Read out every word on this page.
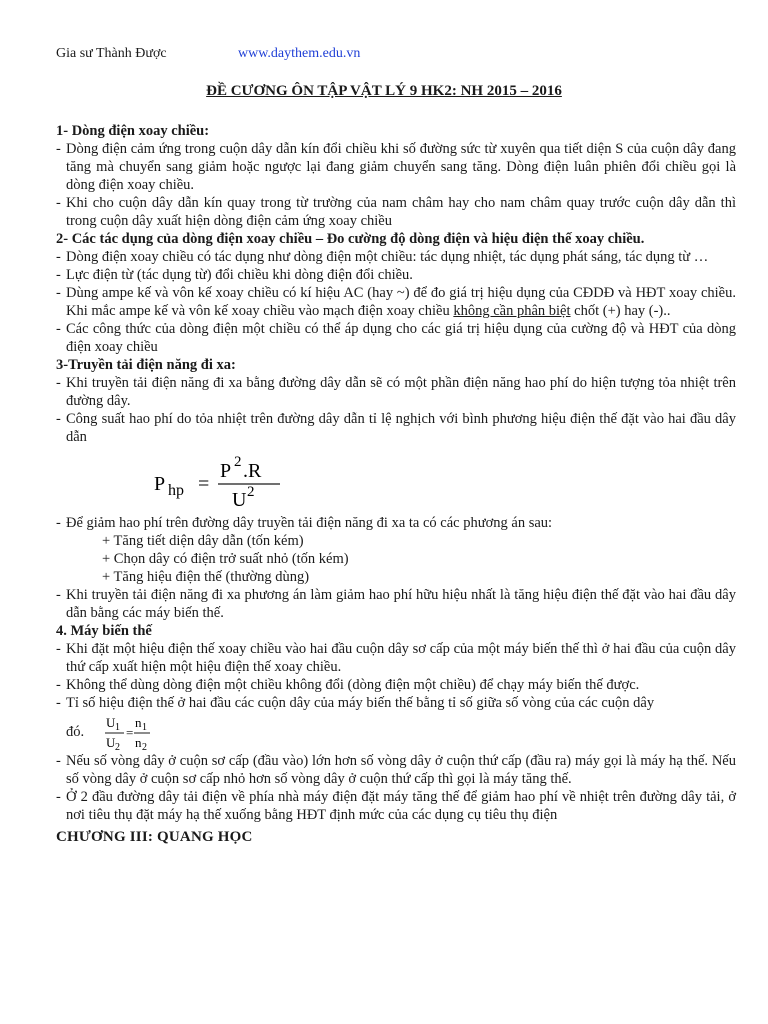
Gia sư Thành Được	www.daythem.edu.vn
ĐỀ CƯƠNG ÔN TẬP VẬT LÝ 9 HK2: NH 2015 – 2016

1- Dòng điện xoay chiều:

- Dòng điện cảm ứng trong cuộn dây dẫn kín đổi chiều khi số đường sức từ xuyên qua tiết diện S của cuộn dây đang tăng mà chuyển sang giảm hoặc ngược lại đang giảm chuyển sang tăng. Dòng điện luân phiên đổi chiều gọi là dòng điện xoay chiều.

- Khi cho cuộn dây dẫn kín quay trong từ trường của nam châm hay cho nam châm quay trước cuộn dây dẫn thì trong cuộn dây xuất hiện dòng điện cảm ứng xoay chiều

2- Các tác dụng của dòng điện xoay chiều – Đo cường độ dòng điện và hiệu điện thế xoay chiều.

- Dòng điện xoay chiều có tác dụng như dòng điện một chiều: tác dụng nhiệt, tác dụng phát sáng, tác dụng từ …

- Lực điện từ (tác dụng từ) đổi chiều khi dòng điện đổi chiều.

- Dùng ampe kế và vôn kế xoay chiều có kí hiệu AC (hay ~) để đo giá trị hiệu dụng của CĐDĐ và HĐT xoay chiều. Khi mắc ampe kế và vôn kế xoay chiều vào mạch điện xoay chiều không cần phân biệt chốt (+) hay (-)..

- Các công thức của dòng điện một chiều có thể áp dụng cho các giá trị hiệu dụng của cường độ và HĐT của dòng điện xoay chiều

3-Truyền tải điện năng đi xa:

- Khi truyền tải điện năng đi xa bằng đường dây dẫn sẽ có một phần điện năng hao phí do hiện tượng tỏa nhiệt trên đường dây.

- Công suất hao phí do tỏa nhiệt trên đường dây dẫn tỉ lệ nghịch với bình phương hiệu điện thế đặt vào hai đầu dây dẫn

P hp =
P 2 .R
U 2

- Để giảm hao phí trên đường dây truyền tải điện năng đi xa ta có các phương án sau:

+ Tăng tiết diện dây dẫn (tốn kém)

+ Chọn dây có điện trở suất nhỏ (tốn kém)

+ Tăng hiệu điện thế (thường dùng)

- Khi truyền tải điện năng đi xa phương án làm giảm hao phí hữu hiệu nhất là tăng hiệu điện thế đặt vào hai đầu dây dẫn bằng các máy biến thế.

4. Máy biến thế

- Khi đặt một hiệu điện thế xoay chiều vào hai đầu cuộn dây sơ cấp của một máy biến thế thì ở hai đầu của cuộn dây thứ cấp xuất hiện một hiệu điện thế xoay chiều.

- Không thể dùng dòng điện một chiều không đổi (dòng điện một chiều) để chạy máy biến thế được.

- Tỉ số hiệu điện thế ở hai đầu các cuộn dây của máy biến thế bằng tỉ số giữa số vòng của các cuộn dây

đó.
U 1
U 2
=
n 1
n 2

- Nếu số vòng dây ở cuộn sơ cấp (đầu vào) lớn hơn số vòng dây ở cuộn thứ cấp (đầu ra) máy gọi là máy hạ thế. Nếu số vòng dây ở cuộn sơ cấp nhỏ hơn số vòng dây ở cuộn thứ cấp thì gọi là máy tăng thế.

- Ở 2 đầu đường dây tải điện về phía nhà máy điện đặt máy tăng thế để giảm hao phí về nhiệt trên đường dây tải, ở nơi tiêu thụ đặt máy hạ thế xuống bằng HĐT định mức của các dụng cụ tiêu thụ điện

CHƯƠNG III: QUANG HỌC
